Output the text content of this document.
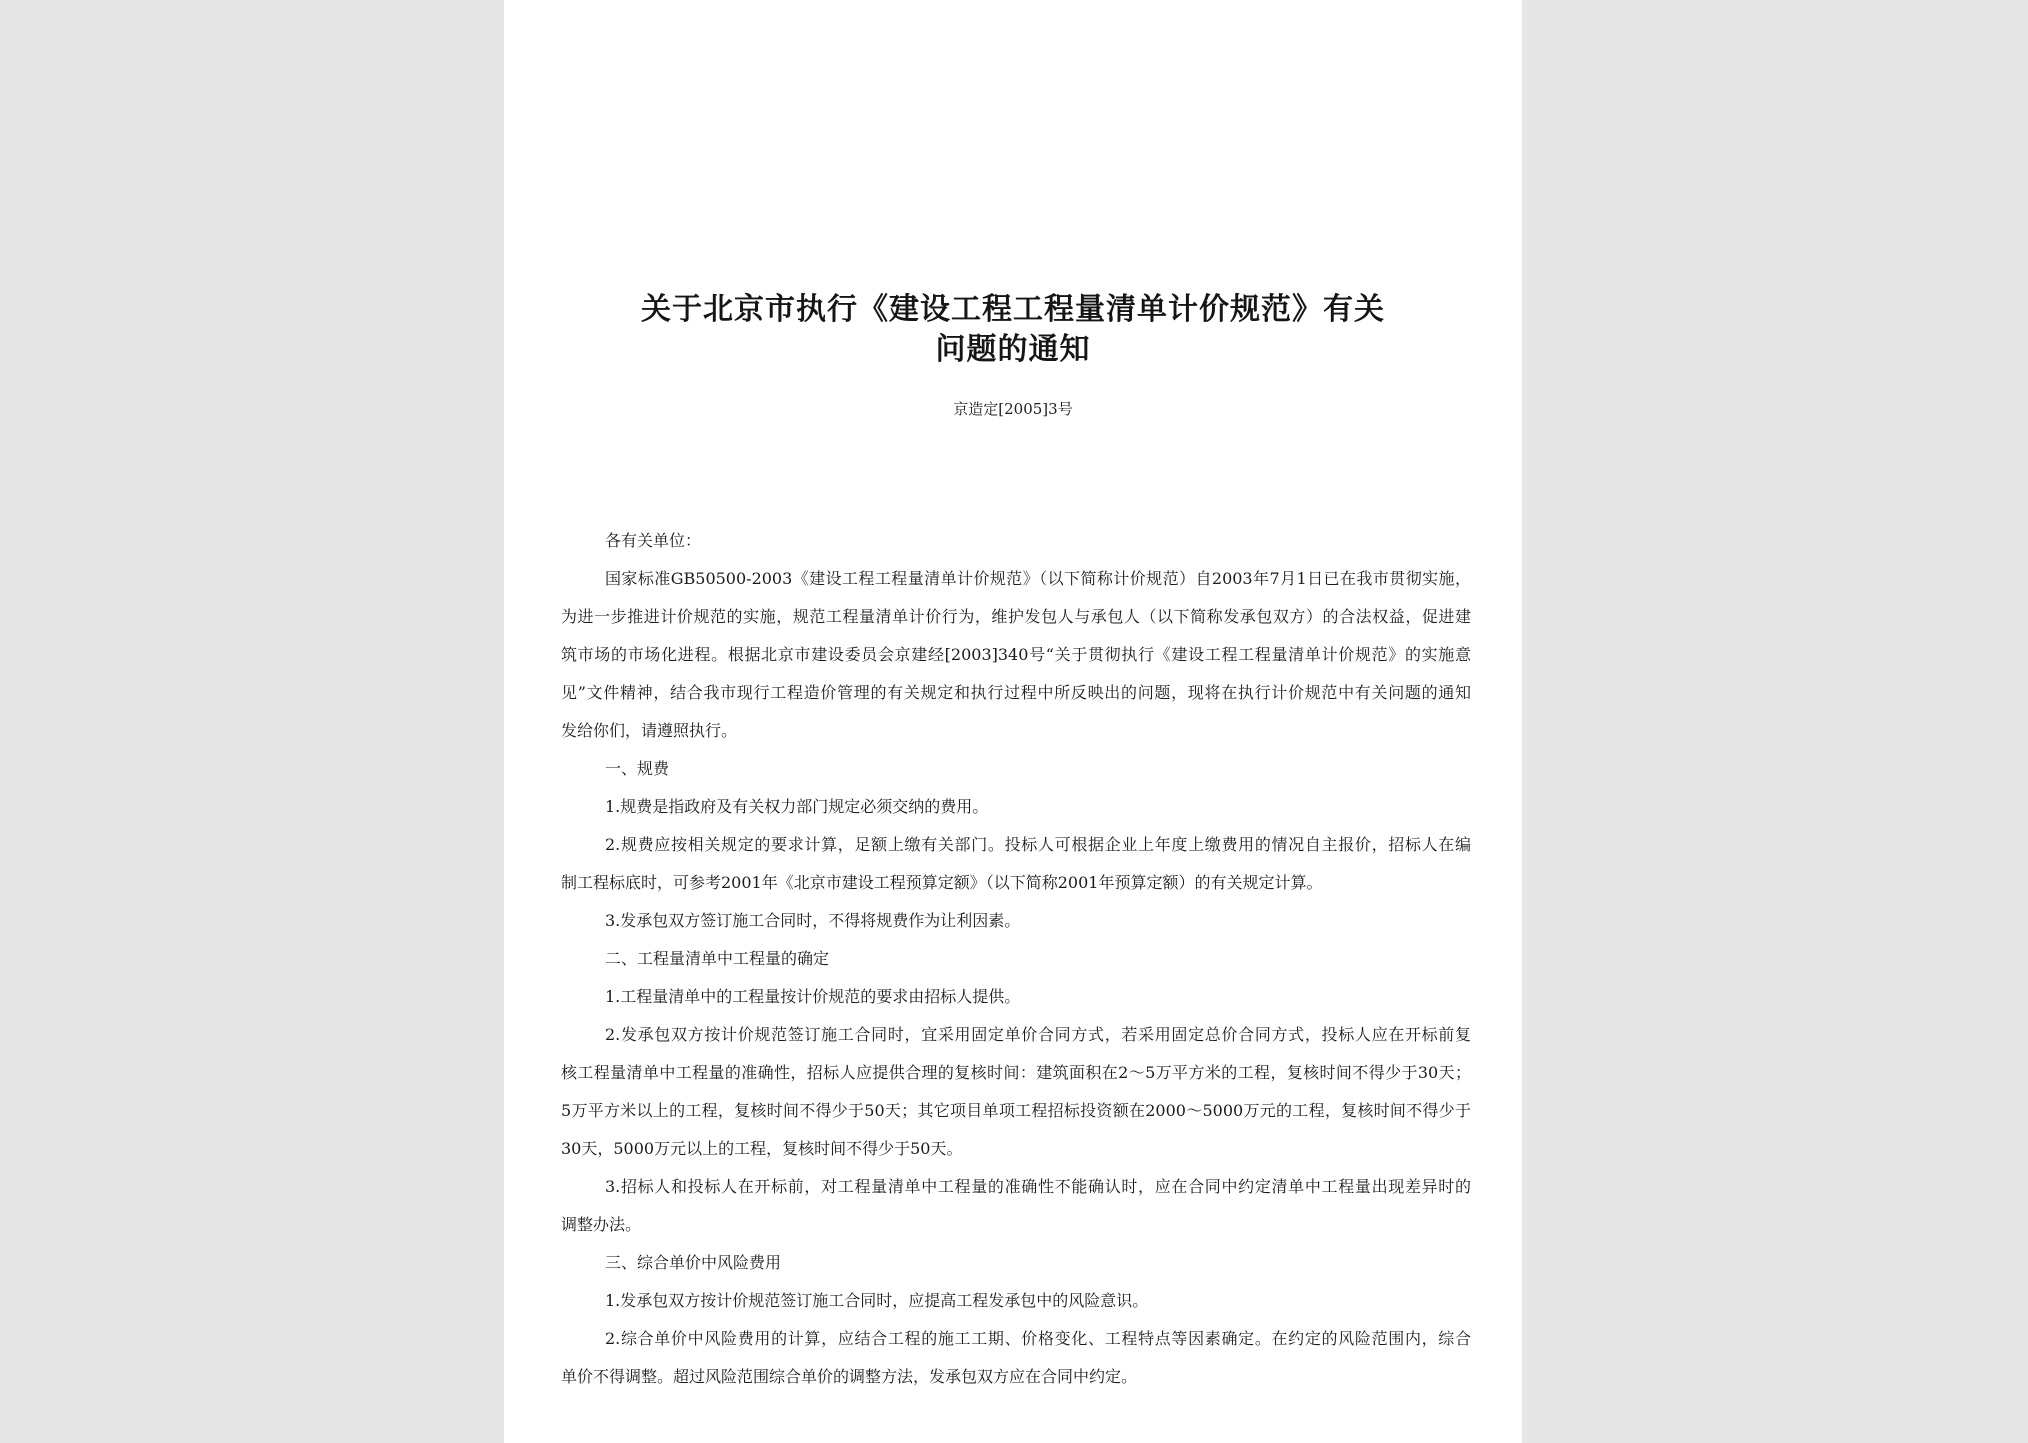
关于北京市执行《建设工程工程量清单计价规范》有关
问题的通知
京造定[2005]3号
各有关单位：
国家标准GB50500-2003《建设工程工程量清单计价规范》（以下简称计价规范）自2003年7月1日已在我市贯彻实施，
为进一步推进计价规范的实施，规范工程量清单计价行为，维护发包人与承包人（以下简称发承包双方）的合法权益，促进建
筑市场的市场化进程。根据北京市建设委员会京建经[2003]340号“关于贯彻执行《建设工程工程量清单计价规范》的实施意
见”文件精神，结合我市现行工程造价管理的有关规定和执行过程中所反映出的问题，现将在执行计价规范中有关问题的通知
发给你们，请遵照执行。
一、规费
1.规费是指政府及有关权力部门规定必须交纳的费用。
2.规费应按相关规定的要求计算，足额上缴有关部门。投标人可根据企业上年度上缴费用的情况自主报价，招标人在编
制工程标底时，可参考2001年《北京市建设工程预算定额》（以下简称2001年预算定额）的有关规定计算。
3.发承包双方签订施工合同时，不得将规费作为让利因素。
二、工程量清单中工程量的确定
1.工程量清单中的工程量按计价规范的要求由招标人提供。
2.发承包双方按计价规范签订施工合同时，宜采用固定单价合同方式，若采用固定总价合同方式，投标人应在开标前复
核工程量清单中工程量的准确性，招标人应提供合理的复核时间：建筑面积在2～5万平方米的工程，复核时间不得少于30天；
5万平方米以上的工程，复核时间不得少于50天；其它项目单项工程招标投资额在2000～5000万元的工程，复核时间不得少于
30天，5000万元以上的工程，复核时间不得少于50天。
3.招标人和投标人在开标前，对工程量清单中工程量的准确性不能确认时，应在合同中约定清单中工程量出现差异时的
调整办法。
三、综合单价中风险费用
1.发承包双方按计价规范签订施工合同时，应提高工程发承包中的风险意识。
2.综合单价中风险费用的计算，应结合工程的施工工期、价格变化、工程特点等因素确定。在约定的风险范围内，综合
单价不得调整。超过风险范围综合单价的调整方法，发承包双方应在合同中约定。
